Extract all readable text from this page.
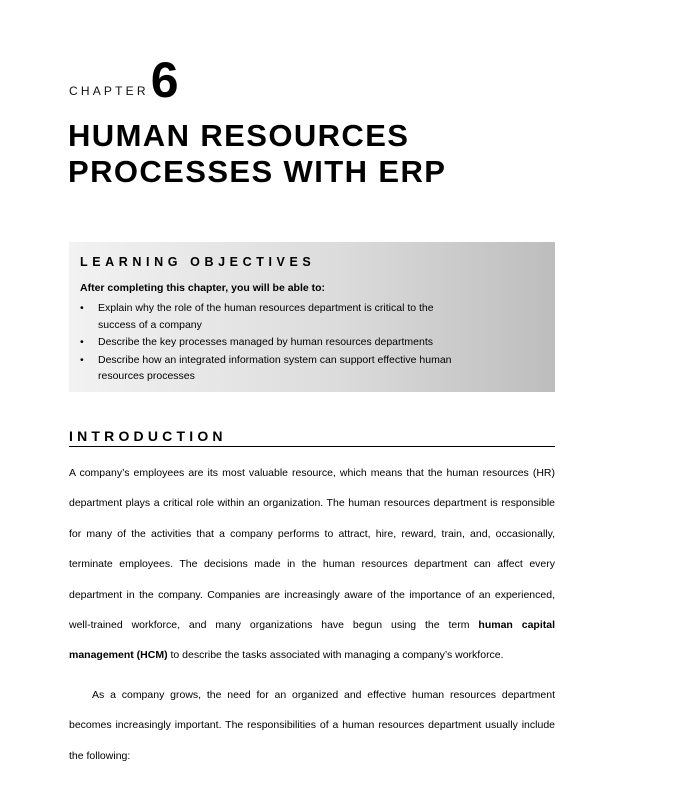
CHAPTER 6
HUMAN RESOURCES
PROCESSES WITH ERP
LEARNING OBJECTIVES
After completing this chapter, you will be able to:
• Explain why the role of the human resources department is critical to the success of a company
• Describe the key processes managed by human resources departments
• Describe how an integrated information system can support effective human resources processes
INTRODUCTION

A company’s employees are its most valuable resource, which means that the human resources (HR) department plays a critical role within an organization. The human resources department is responsible for many of the activities that a company performs to attract, hire, reward, train, and, occasionally, terminate employees. The decisions made in the human resources department can affect every department in the company. Companies are increasingly aware of the importance of an experienced, well-trained workforce, and many organizations have begun using the term human capital management (HCM) to describe the tasks associated with managing a company’s workforce.

As a company grows, the need for an organized and effective human resources department becomes increasingly important. The responsibilities of a human resources department usually include the following:
